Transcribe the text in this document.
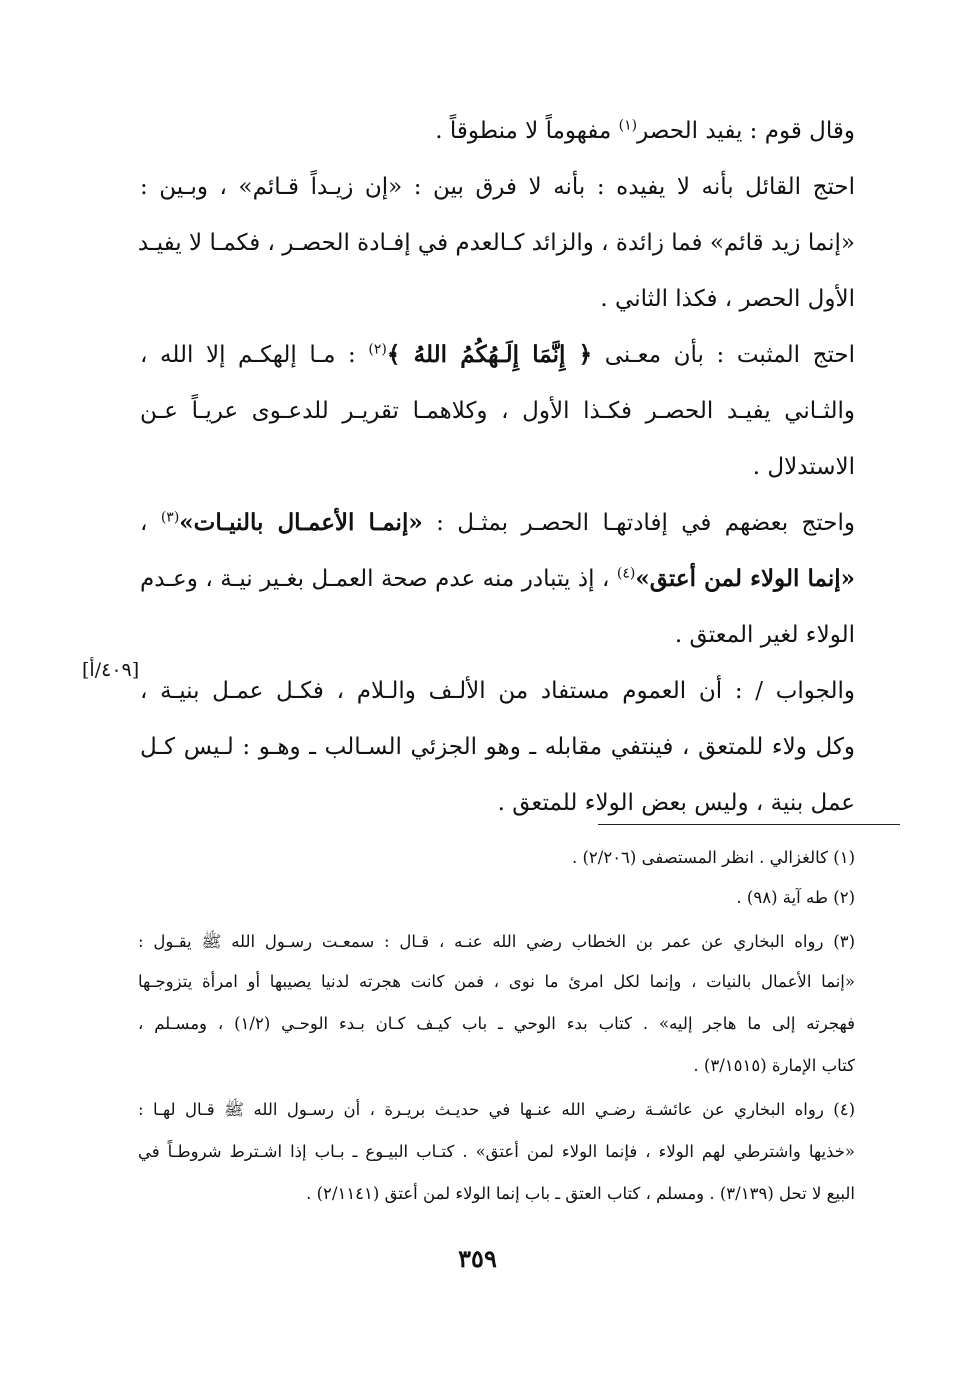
وقال قوم : يفيد الحصر$^{(١)}$ مفهوماً لا منطوقاً .
احتج القائل بأنه لا يفيده : بأنه لا فرق بين : «إن زيـداً قـائم» ، وبـين :
«إنما زيد قائم» فما زائدة ، والزائد كـالعدم في إفـادة الحصـر ، فكمـا لا يفيـد
الأول الحصر ، فكذا الثاني .
احتج المثبت : بأن معـنى ﴿ إِنَّمَا إِلَـهُكُمُ اللهُ ﴾$^{(٢)}$ : مـا إلهكـم إلا الله ،
والثـاني يفيـد الحصـر فكـذا الأول ، وكلاهمـا تقريـر للدعـوى عريـاً عـن
الاستدلال .
واحتج بعضهم في إفادتهـا الحصـر بمثـل : «إنمـا الأعمـال بالنيـات»$^{(٣)}$ ،
«إنما الولاء لمن أعتق»$^{(٤)}$ ، إذ يتبادر منه عدم صحة العمـل بغـير نيـة ، وعـدم
الولاء لغير المعتق .
والجواب / : أن العموم مستفاد من الألـف والـلام ، فكـل عمـل بنيـة ،
وكل ولاء للمتعق ، فينتفي مقابله ـ وهو الجزئي السـالب ـ وهـو : لـيس كـل
عمل بنية ، وليس بعض الولاء للمتعق .
(١) كالغزالي . انظر المستصفى (٢/٢٠٦) .
(٢) طه آية (٩٨) .
(٣) رواه البخاري عن عمر بن الخطاب رضي الله عنـه ، قـال : سمعـت رسـول الله ﷺ يقـول :
«إنما الأعمال بالنيات ، وإنما لكل امرئ ما نوى ، فمن كانت هجرته لدنيا يصيبها أو امرأة يتزوجـها
فهجرته إلى ما هاجر إليه» . كتاب بدء الوحي ـ باب كيـف كـان بـدء الوحـي (١/٢) ، ومسـلم ،
كتاب الإمارة (٣/١٥١٥) .
(٤) رواه البخاري عن عائشـة رضـي الله عنـها في حديـث بريـرة ، أن رسـول الله ﷺ قـال لهـا :
«خذيها واشترطي لهم الولاء ، فإنما الولاء لمن أعتق» . كتـاب البيـوع ـ بـاب إذا اشـترط شروطـاً في
البيع لا تحل (٣/١٣٩) . ومسلم ، كتاب العتق ـ باب إنما الولاء لمن أعتق (٢/١١٤١) .
٣٥٩
[٤٠٩/أ]
